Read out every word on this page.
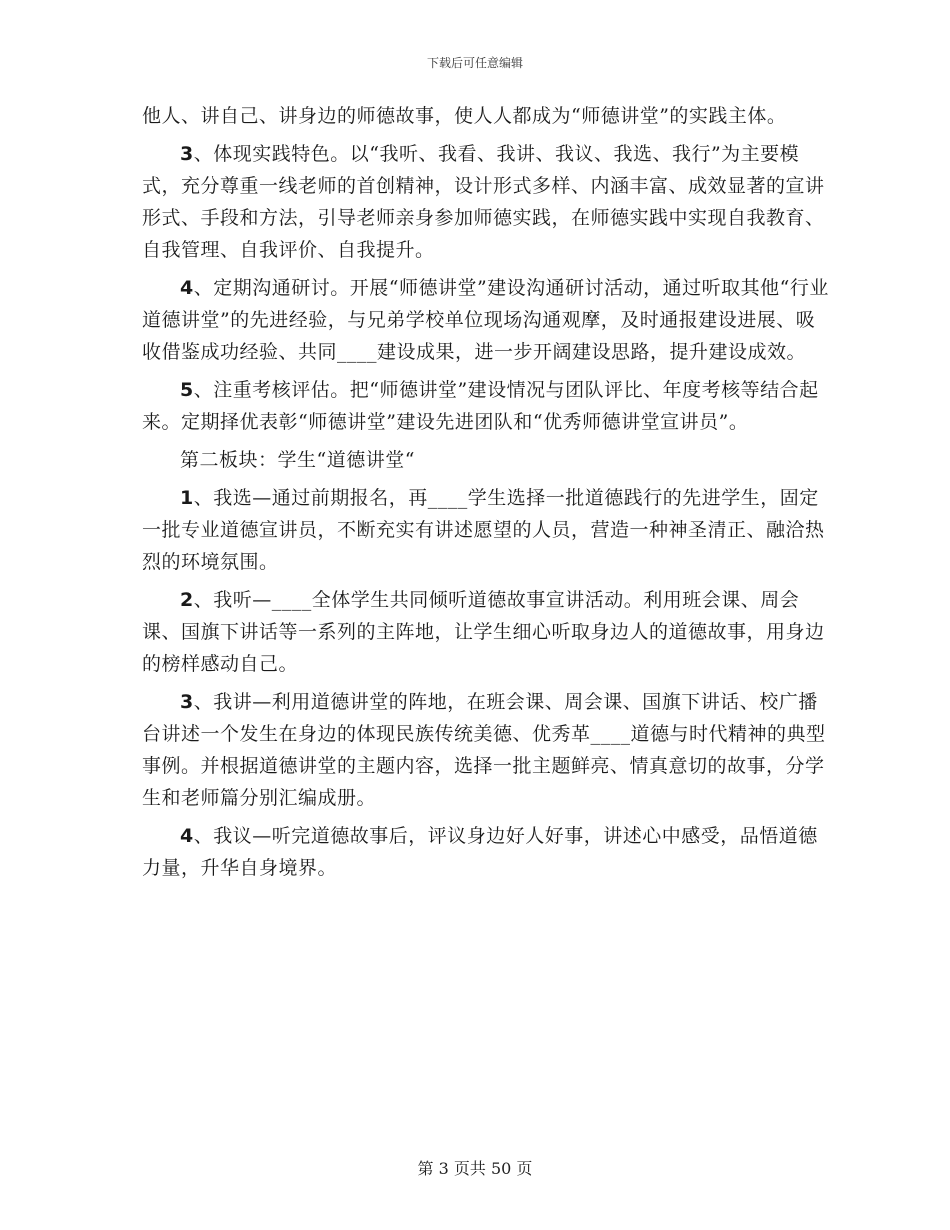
下载后可任意编辑

他人、讲自己、讲身边的师德故事，使人人都成为“师德讲堂”的实践主体。

3、体现实践特色。以“我听、我看、我讲、我议、我选、我行”为主要模式，充分尊重一线老师的首创精神，设计形式多样、内涵丰富、成效显著的宣讲形式、手段和方法，引导老师亲身参加师德实践，在师德实践中实现自我教育、自我管理、自我评价、自我提升。

4、定期沟通研讨。开展“师德讲堂”建设沟通研讨活动，通过听取其他“行业道德讲堂”的先进经验，与兄弟学校单位现场沟通观摩，及时通报建设进展、吸收借鉴成功经验、共同____建设成果，进一步开阔建设思路，提升建设成效。

5、注重考核评估。把“师德讲堂”建设情况与团队评比、年度考核等结合起来。定期择优表彰“师德讲堂”建设先进团队和“优秀师德讲堂宣讲员”。

第二板块：学生“道德讲堂“

1、我选—通过前期报名，再____学生选择一批道德践行的先进学生，固定一批专业道德宣讲员，不断充实有讲述愿望的人员，营造一种神圣清正、融洽热烈的环境氛围。

2、我听—____全体学生共同倾听道德故事宣讲活动。利用班会课、周会课、国旗下讲话等一系列的主阵地，让学生细心听取身边人的道德故事，用身边的榜样感动自己。

3、我讲—利用道德讲堂的阵地，在班会课、周会课、国旗下讲话、校广播台讲述一个发生在身边的体现民族传统美德、优秀革____道德与时代精神的典型事例。并根据道德讲堂的主题内容，选择一批主题鲜亮、情真意切的故事，分学生和老师篇分别汇编成册。

4、我议—听完道德故事后，评议身边好人好事，讲述心中感受，品悟道德力量，升华自身境界。

第 3 页共 50 页
